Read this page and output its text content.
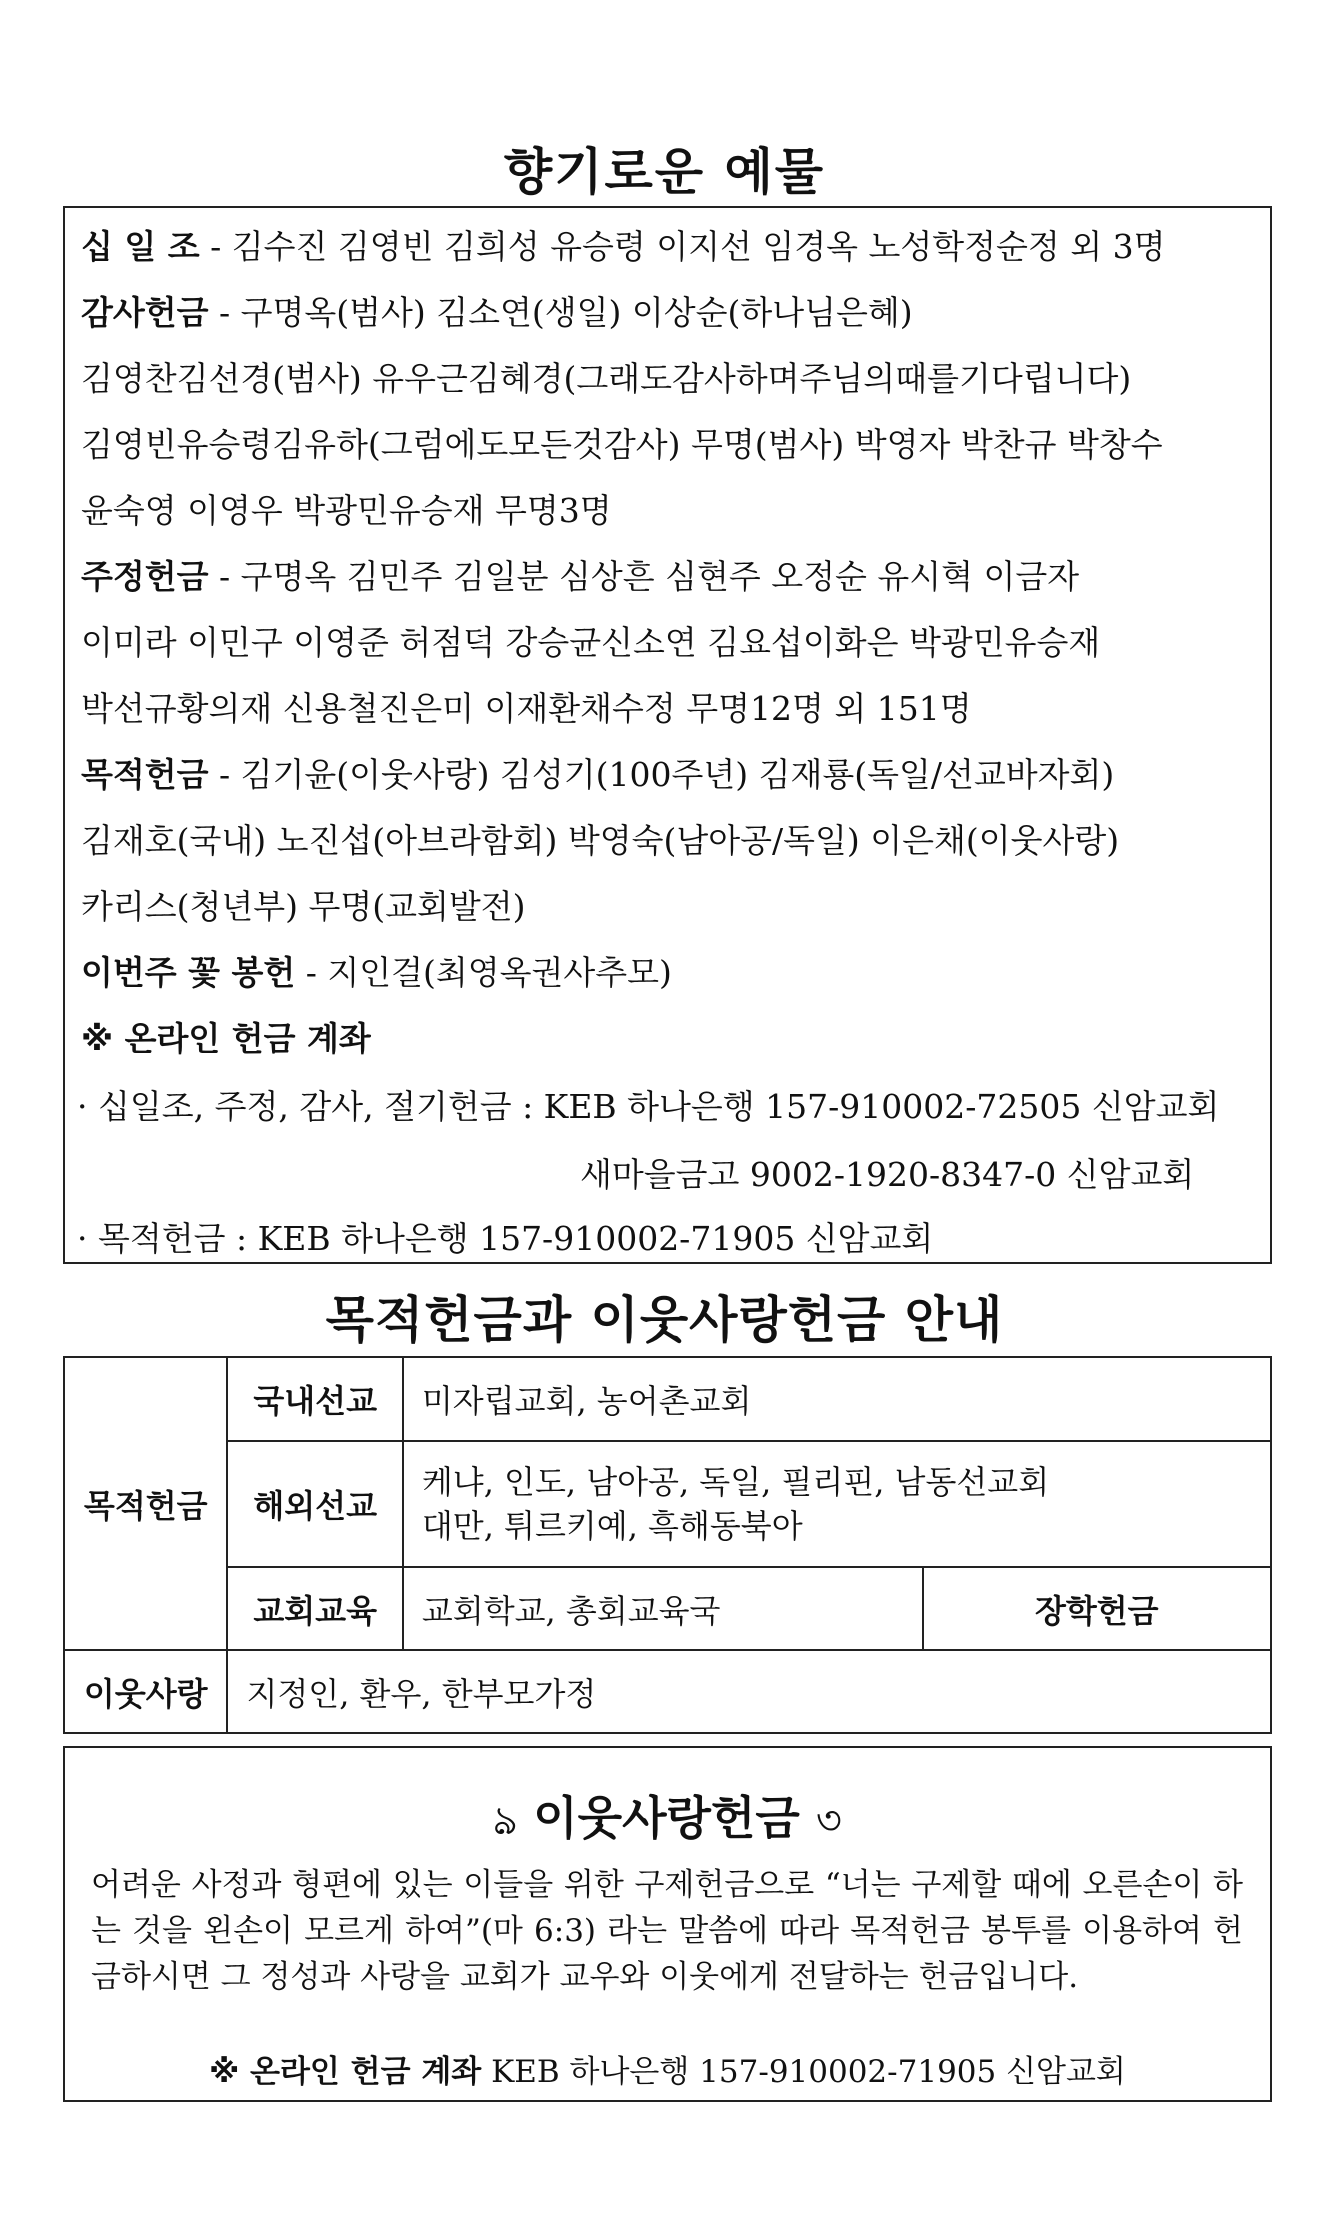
향기로운 예물
십 일 조 - 김수진 김영빈 김희성 유승령 이지선 임경옥 노성학정순정 외 3명
감사헌금 - 구명옥(범사) 김소연(생일) 이상순(하나님은혜)
김영찬김선경(범사) 유우근김혜경(그래도감사하며주님의때를기다립니다)
김영빈유승령김유하(그럼에도모든것감사) 무명(범사) 박영자 박찬규 박창수
윤숙영 이영우 박광민유승재 무명3명
주정헌금 - 구명옥 김민주 김일분 심상흔 심현주 오정순 유시혁 이금자
이미라 이민구 이영준 허점덕 강승균신소연 김요섭이화은 박광민유승재
박선규황의재 신용철진은미 이재환채수정 무명12명 외 151명
목적헌금 - 김기윤(이웃사랑) 김성기(100주년) 김재룡(독일/선교바자회)
김재호(국내) 노진섭(아브라함회) 박영숙(남아공/독일) 이은채(이웃사랑)
카리스(청년부) 무명(교회발전)
이번주 꽃 봉헌 - 지인걸(최영옥권사추모)
※ 온라인 헌금 계좌
· 십일조, 주정, 감사, 절기헌금 : KEB 하나은행 157-910002-72505 신암교회
새마을금고 9002-1920-8347-0 신암교회
· 목적헌금 : KEB 하나은행 157-910002-71905 신암교회
목적헌금과 이웃사랑헌금 안내
목적헌금	국내선교	미자립교회, 농어촌교회	
	해외선교	케냐, 인도, 남아공, 독일, 필리핀, 남동선교회
대만, 튀르키예, 흑해동북아	

	교회교육	교회학교, 총회교육국	장학헌금
이웃사랑	지정인, 환우, 한부모가정		
ঌ 이웃사랑헌금 ৩
어려운 사정과 형편에 있는 이들을 위한 구제헌금으로 “너는 구제할 때에 오른손이 하는 것을 왼손이 모르게 하여”(마 6:3) 라는 말씀에 따라 목적헌금 봉투를 이용하여 헌금하시면 그 정성과 사랑을 교회가 교우와 이웃에게 전달하는 헌금입니다.
※ 온라인 헌금 계좌 KEB 하나은행 157-910002-71905 신암교회
